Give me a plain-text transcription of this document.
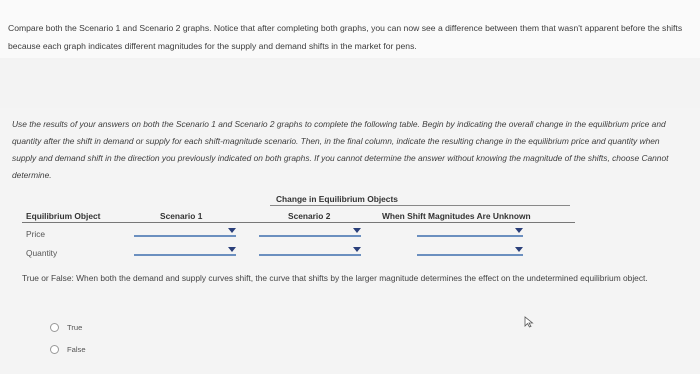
Compare both the Scenario 1 and Scenario 2 graphs. Notice that after completing both graphs, you can now see a difference between them that wasn't apparent before the shifts because each graph indicates different magnitudes for the supply and demand shifts in the market for pens.
Use the results of your answers on both the Scenario 1 and Scenario 2 graphs to complete the following table. Begin by indicating the overall change in the equilibrium price and quantity after the shift in demand or supply for each shift-magnitude scenario. Then, in the final column, indicate the resulting change in the equilibrium price and quantity when supply and demand shift in the direction you previously indicated on both graphs. If you cannot determine the answer without knowing the magnitude of the shifts, choose Cannot determine.
Change in Equilibrium Objects
Equilibrium Object	Scenario 1	Scenario 2	When Shift Magnitudes Are Unknown
Price
Quantity
True or False: When both the demand and supply curves shift, the curve that shifts by the larger magnitude determines the effect on the undetermined equilibrium object.
True
False
